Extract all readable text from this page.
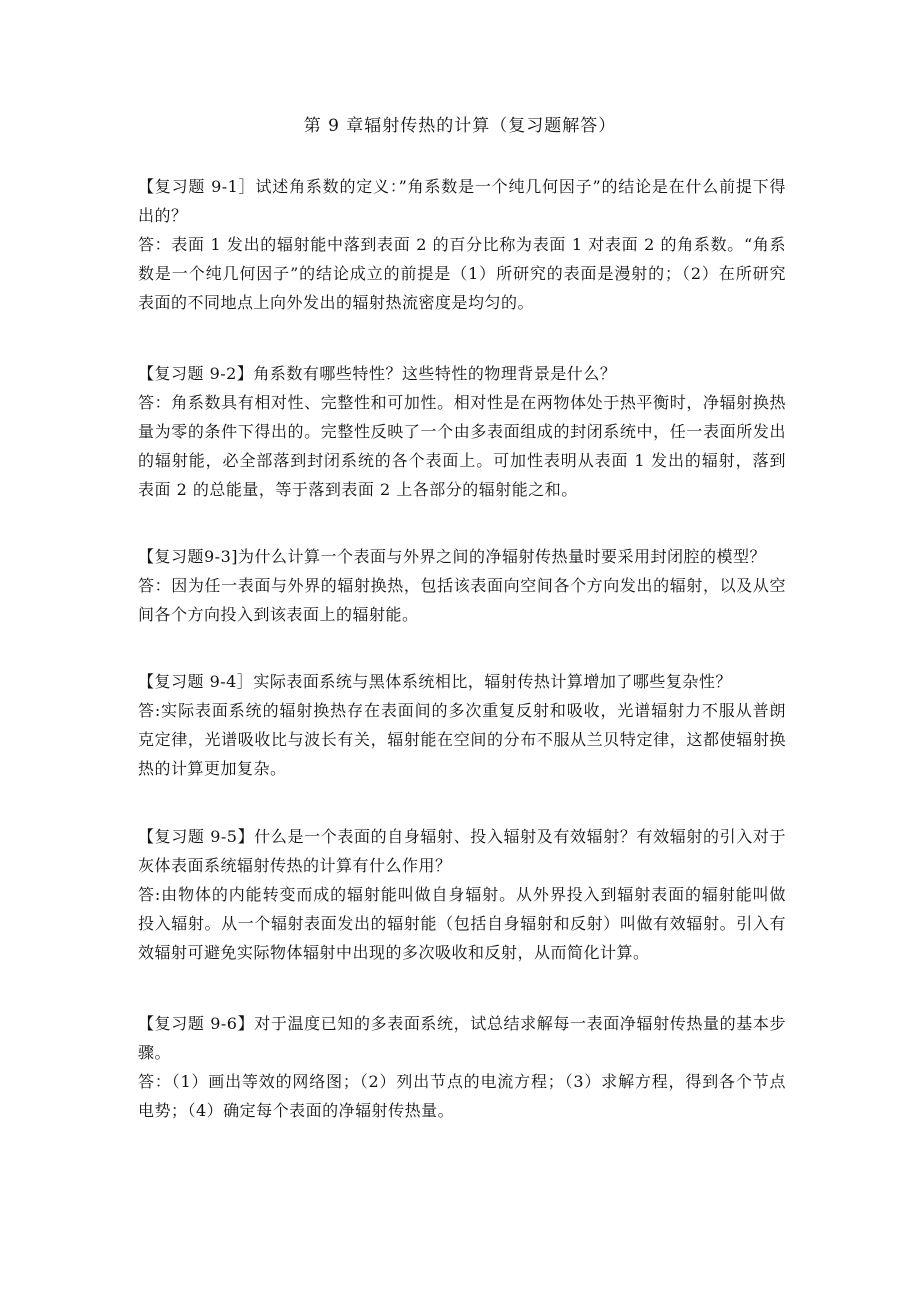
第 9 章辐射传热的计算（复习题解答）

【复习题 9-1］试述角系数的定义：”角系数是一个纯几何因子”的结论是在什么前提下得出的？

答：表面 1 发出的辐射能中落到表面 2 的百分比称为表面 1 对表面 2 的角系数。“角系数是一个纯几何因子”的结论成立的前提是（1）所研究的表面是漫射的；（2）在所研究表面的不同地点上向外发出的辐射热流密度是均匀的。

【复习题 9-2】角系数有哪些特性？这些特性的物理背景是什么？

答：角系数具有相对性、完整性和可加性。相对性是在两物体处于热平衡时，净辐射换热量为零的条件下得出的。完整性反映了一个由多表面组成的封闭系统中，任一表面所发出的辐射能，必全部落到封闭系统的各个表面上。可加性表明从表面 1 发出的辐射，落到表面 2 的总能量，等于落到表面 2 上各部分的辐射能之和。

【复习题9-3]为什么计算一个表面与外界之间的净辐射传热量时要采用封闭腔的模型？

答：因为任一表面与外界的辐射换热，包括该表面向空间各个方向发出的辐射，以及从空间各个方向投入到该表面上的辐射能。

【复习题 9-4］实际表面系统与黑体系统相比，辐射传热计算增加了哪些复杂性？

答:实际表面系统的辐射换热存在表面间的多次重复反射和吸收，光谱辐射力不服从普朗克定律，光谱吸收比与波长有关，辐射能在空间的分布不服从兰贝特定律，这都使辐射换热的计算更加复杂。

【复习题 9-5】什么是一个表面的自身辐射、投入辐射及有效辐射？有效辐射的引入对于灰体表面系统辐射传热的计算有什么作用？

答:由物体的内能转变而成的辐射能叫做自身辐射。从外界投入到辐射表面的辐射能叫做投入辐射。从一个辐射表面发出的辐射能（包括自身辐射和反射）叫做有效辐射。引入有效辐射可避免实际物体辐射中出现的多次吸收和反射，从而简化计算。

【复习题 9-6】对于温度已知的多表面系统，试总结求解每一表面净辐射传热量的基本步骤。

答：（1）画出等效的网络图；（2）列出节点的电流方程；（3）求解方程，得到各个节点电势；（4）确定每个表面的净辐射传热量。
